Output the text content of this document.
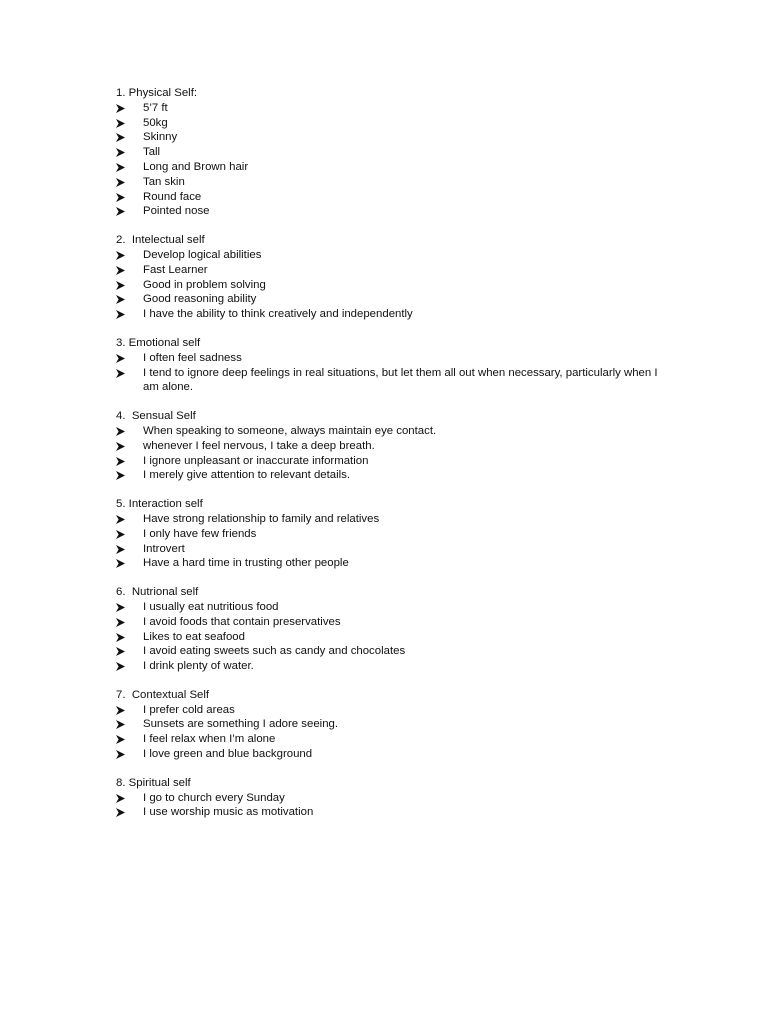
1. Physical Self:
5’7 ft
50kg
Skinny
Tall
Long and Brown hair
Tan skin
Round face
Pointed nose
2.  Intelectual self
Develop logical abilities
Fast Learner
Good in problem solving
Good reasoning ability
I have the ability to think creatively and independently
3. Emotional self
I often feel sadness
I tend to ignore deep feelings in real situations, but let them all out when necessary, particularly when I am alone.
4.  Sensual Self
When speaking to someone, always maintain eye contact.
whenever I feel nervous, I take a deep breath.
I ignore unpleasant or inaccurate information
I merely give attention to relevant details.
5. Interaction self
Have strong relationship to family and relatives
I only have few friends
Introvert
Have a hard time in trusting other people
6.  Nutrional self
I usually eat nutritious food
I avoid foods that contain preservatives
Likes to eat seafood
I avoid eating sweets such as candy and chocolates
I drink plenty of water.
7.  Contextual Self
I prefer cold areas
Sunsets are something I adore seeing.
I feel relax when I’m alone
I love green and blue background
8. Spiritual self
I go to church every Sunday
I use worship music as motivation
